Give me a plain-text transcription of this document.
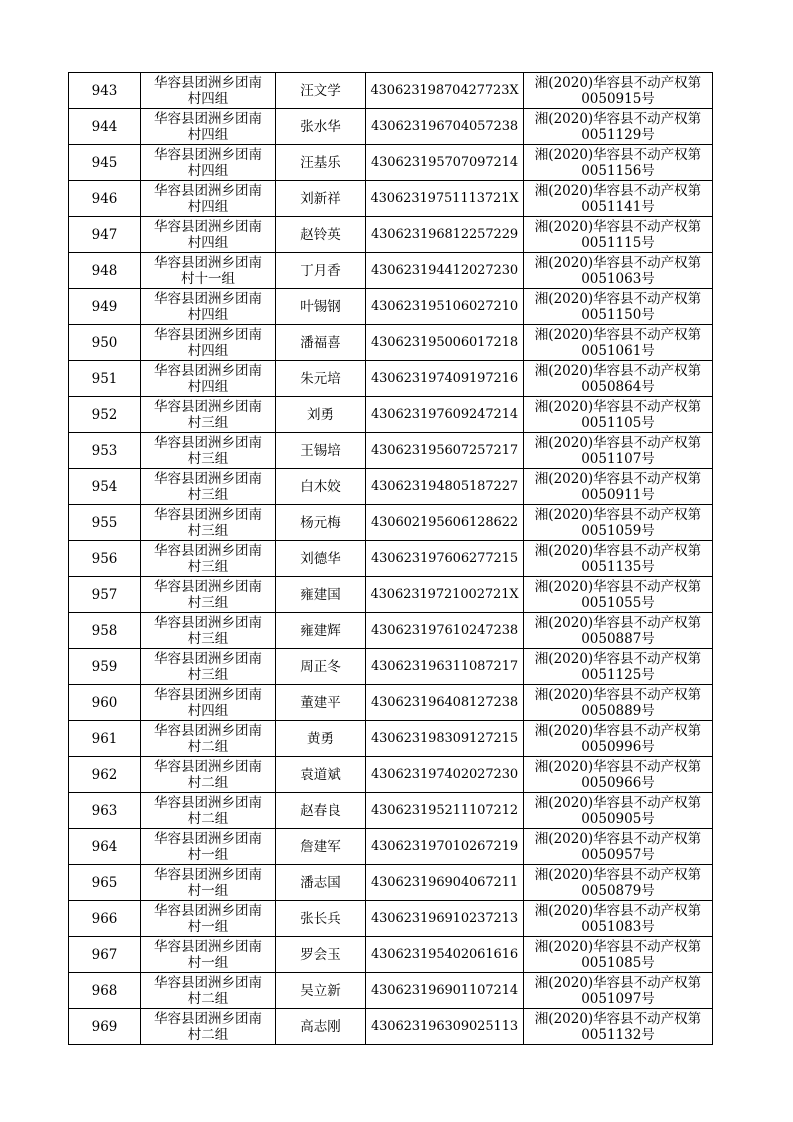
943	华容县团洲乡团南
村四组	汪文学	43062319870427723X	湘(2020)华容县不动产权第
0050915号

944	华容县团洲乡团南
村四组	张水华	430623196704057238	湘(2020)华容县不动产权第
0051129号

945	华容县团洲乡团南
村四组	汪基乐	430623195707097214	湘(2020)华容县不动产权第
0051156号

946	华容县团洲乡团南
村四组	刘新祥	43062319751113721X	湘(2020)华容县不动产权第
0051141号

947	华容县团洲乡团南
村四组	赵铃英	430623196812257229	湘(2020)华容县不动产权第
0051115号

948	华容县团洲乡团南
村十一组	丁月香	430623194412027230	湘(2020)华容县不动产权第
0051063号

949	华容县团洲乡团南
村四组	叶锡钢	430623195106027210	湘(2020)华容县不动产权第
0051150号

950	华容县团洲乡团南
村四组	潘福喜	430623195006017218	湘(2020)华容县不动产权第
0051061号

951	华容县团洲乡团南
村四组	朱元培	430623197409197216	湘(2020)华容县不动产权第
0050864号

952	华容县团洲乡团南
村三组	刘勇	430623197609247214	湘(2020)华容县不动产权第
0051105号

953	华容县团洲乡团南
村三组	王锡培	430623195607257217	湘(2020)华容县不动产权第
0051107号

954	华容县团洲乡团南
村三组	白木姣	430623194805187227	湘(2020)华容县不动产权第
0050911号

955	华容县团洲乡团南
村三组	杨元梅	430602195606128622	湘(2020)华容县不动产权第
0051059号

956	华容县团洲乡团南
村三组	刘德华	430623197606277215	湘(2020)华容县不动产权第
0051135号

957	华容县团洲乡团南
村三组	雍建国	43062319721002721X	湘(2020)华容县不动产权第
0051055号

958	华容县团洲乡团南
村三组	雍建辉	430623197610247238	湘(2020)华容县不动产权第
0050887号

959	华容县团洲乡团南
村三组	周正冬	430623196311087217	湘(2020)华容县不动产权第
0051125号

960	华容县团洲乡团南
村四组	董建平	430623196408127238	湘(2020)华容县不动产权第
0050889号

961	华容县团洲乡团南
村二组	黄勇	430623198309127215	湘(2020)华容县不动产权第
0050996号

962	华容县团洲乡团南
村二组	袁道斌	430623197402027230	湘(2020)华容县不动产权第
0050966号

963	华容县团洲乡团南
村二组	赵春良	430623195211107212	湘(2020)华容县不动产权第
0050905号

964	华容县团洲乡团南
村一组	詹建军	430623197010267219	湘(2020)华容县不动产权第
0050957号

965	华容县团洲乡团南
村一组	潘志国	430623196904067211	湘(2020)华容县不动产权第
0050879号

966	华容县团洲乡团南
村一组	张长兵	430623196910237213	湘(2020)华容县不动产权第
0051083号

967	华容县团洲乡团南
村一组	罗会玉	430623195402061616	湘(2020)华容县不动产权第
0051085号

968	华容县团洲乡团南
村二组	吴立新	430623196901107214	湘(2020)华容县不动产权第
0051097号

969	华容县团洲乡团南
村二组	高志刚	430623196309025113	湘(2020)华容县不动产权第
0051132号
